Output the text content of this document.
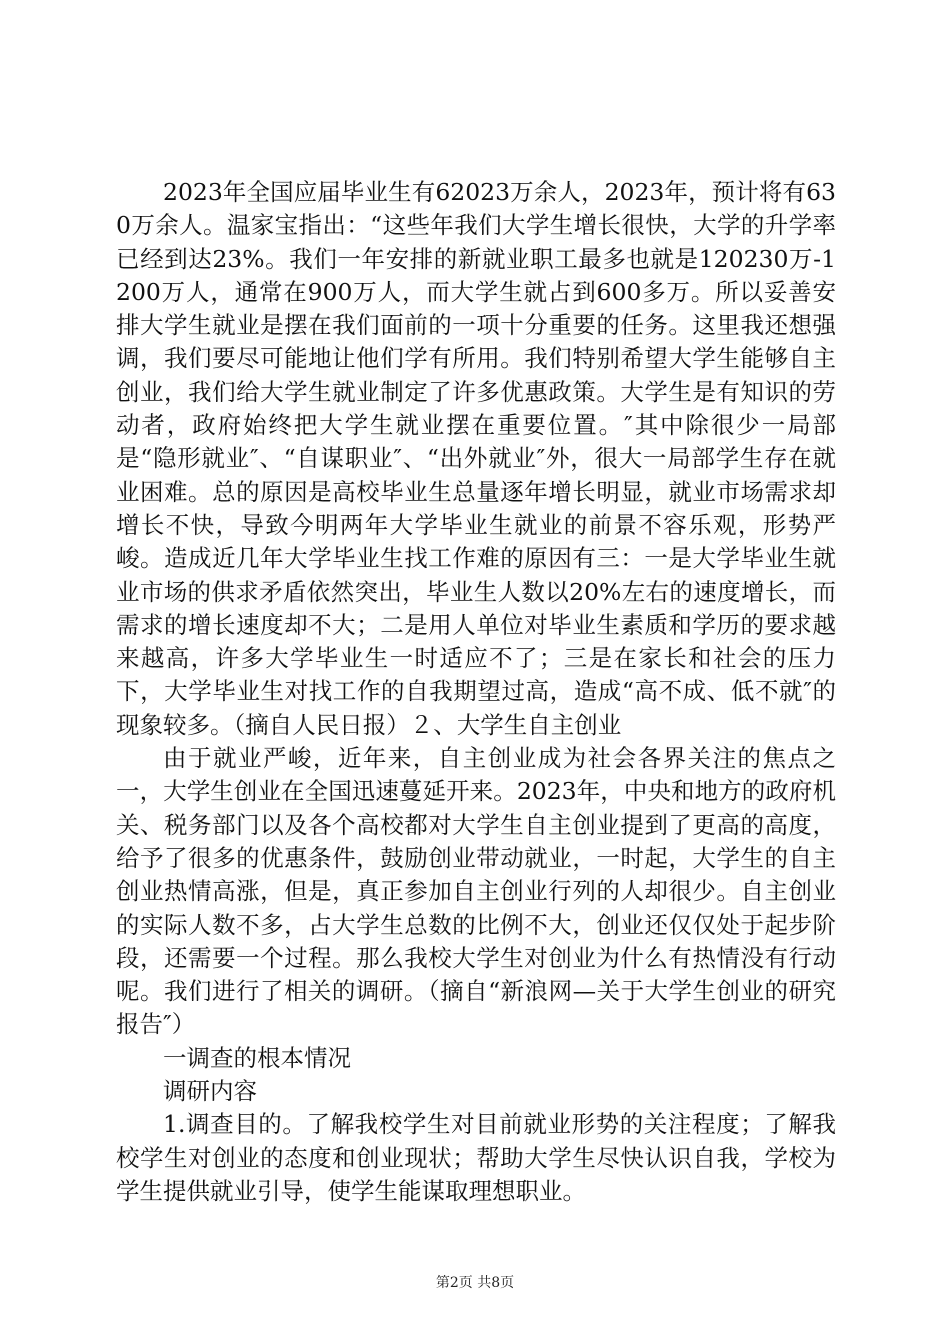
2023年全国应届毕业生有62023万余人，2023年，预计将有630万余人。温家宝指出：“这些年我们大学生增长很快，大学的升学率已经到达23%。我们一年安排的新就业职工最多也就是120230万-1200万人，通常在900万人，而大学生就占到600多万。所以妥善安排大学生就业是摆在我们面前的一项十分重要的任务。这里我还想强调，我们要尽可能地让他们学有所用。我们特别希望大学生能够自主创业，我们给大学生就业制定了许多优惠政策。大学生是有知识的劳动者，政府始终把大学生就业摆在重要位置。″其中除很少一局部是“隐形就业″、“自谋职业″、“出外就业″外，很大一局部学生存在就业困难。总的原因是高校毕业生总量逐年增长明显，就业市场需求却增长不快，导致今明两年大学毕业生就业的前景不容乐观，形势严峻。造成近几年大学毕业生找工作难的原因有三：一是大学毕业生就业市场的供求矛盾依然突出，毕业生人数以20%左右的速度增长，而需求的增长速度却不大；二是用人单位对毕业生素质和学历的要求越来越高，许多大学毕业生一时适应不了；三是在家长和社会的压力下，大学毕业生对找工作的自我期望过高，造成“高不成、低不就″的现象较多。（摘自人民日报）２、大学生自主创业

由于就业严峻，近年来，自主创业成为社会各界关注的焦点之一，大学生创业在全国迅速蔓延开来。2023年，中央和地方的政府机关、税务部门以及各个高校都对大学生自主创业提到了更高的高度，给予了很多的优惠条件，鼓励创业带动就业，一时起，大学生的自主创业热情高涨，但是，真正参加自主创业行列的人却很少。自主创业的实际人数不多，占大学生总数的比例不大，创业还仅仅处于起步阶段，还需要一个过程。那么我校大学生对创业为什么有热情没有行动呢。我们进行了相关的调研。（摘自“新浪网—关于大学生创业的研究报告″）

一调查的根本情况

调研内容

1.调查目的。了解我校学生对目前就业形势的关注程度；了解我校学生对创业的态度和创业现状；帮助大学生尽快认识自我，学校为学生提供就业引导，使学生能谋取理想职业。

第2页 共8页
